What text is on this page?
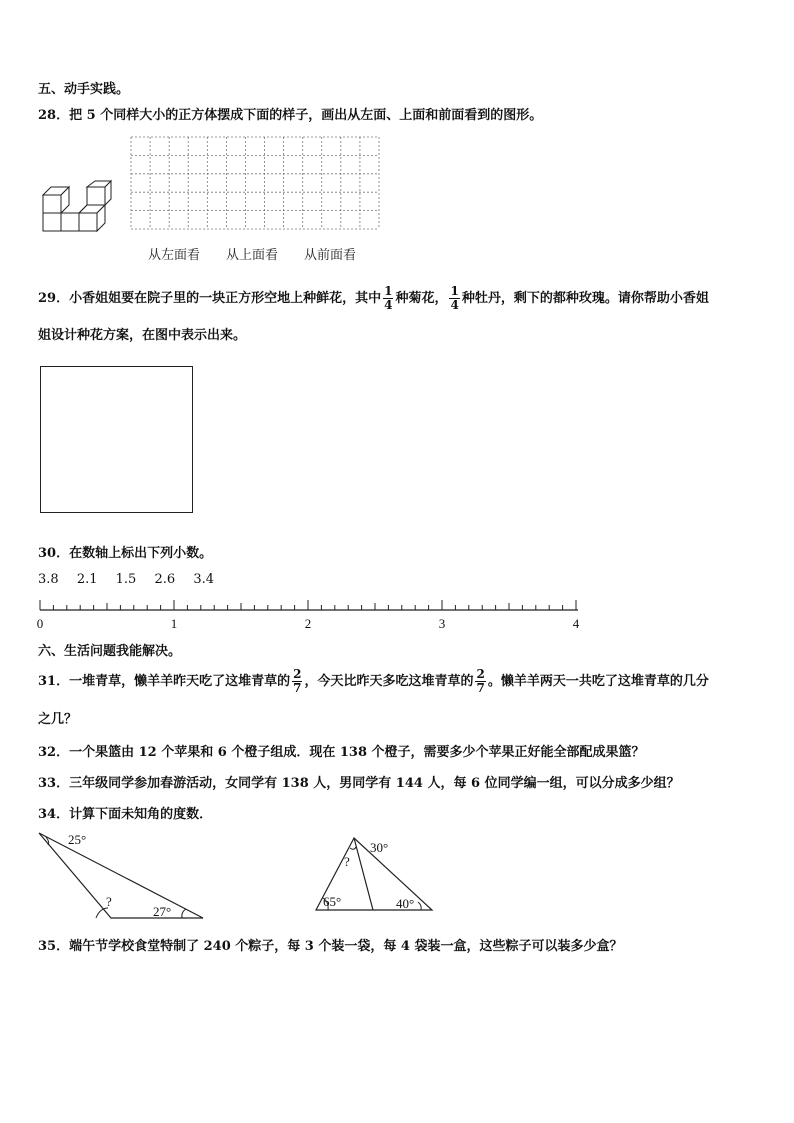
五、动手实践。
28．把 5 个同样大小的正方体摆成下面的样子，画出从左面、上面和前面看到的图形。
从左面看 从上面看 从前面看
29．小香姐姐要在院子里的一块正方形空地上种鲜花，其中 $\frac{1}{4}$ 种菊花， $\frac{1}{4}$ 种牡丹，剩下的都种玫瑰。请你帮助小香姐
姐设计种花方案，在图中表示出来。
30．在数轴上标出下列小数。
3.8 2.1 1.5 2.6 3.4
0	1	2	3	4
六、生活问题我能解决。
31．一堆青草，懒羊羊昨天吃了这堆青草的 $\frac{2}{7}$ ，今天比昨天多吃这堆青草的 $\frac{2}{7}$ 。懒羊羊两天一共吃了这堆青草的几分
之几？
32．一个果篮由 12 个苹果和 6 个橙子组成．现在 138 个橙子，需要多少个苹果正好能全部配成果篮？
33．三年级同学参加春游活动，女同学有 138 人，男同学有 144 人，每 6 位同学编一组，可以分成多少组？
34．计算下面未知角的度数．
25°
?
27°
30°
?
65°	40°
35．端午节学校食堂特制了 240 个粽子，每 3 个装一袋，每 4 袋装一盒，这些粽子可以装多少盒？
